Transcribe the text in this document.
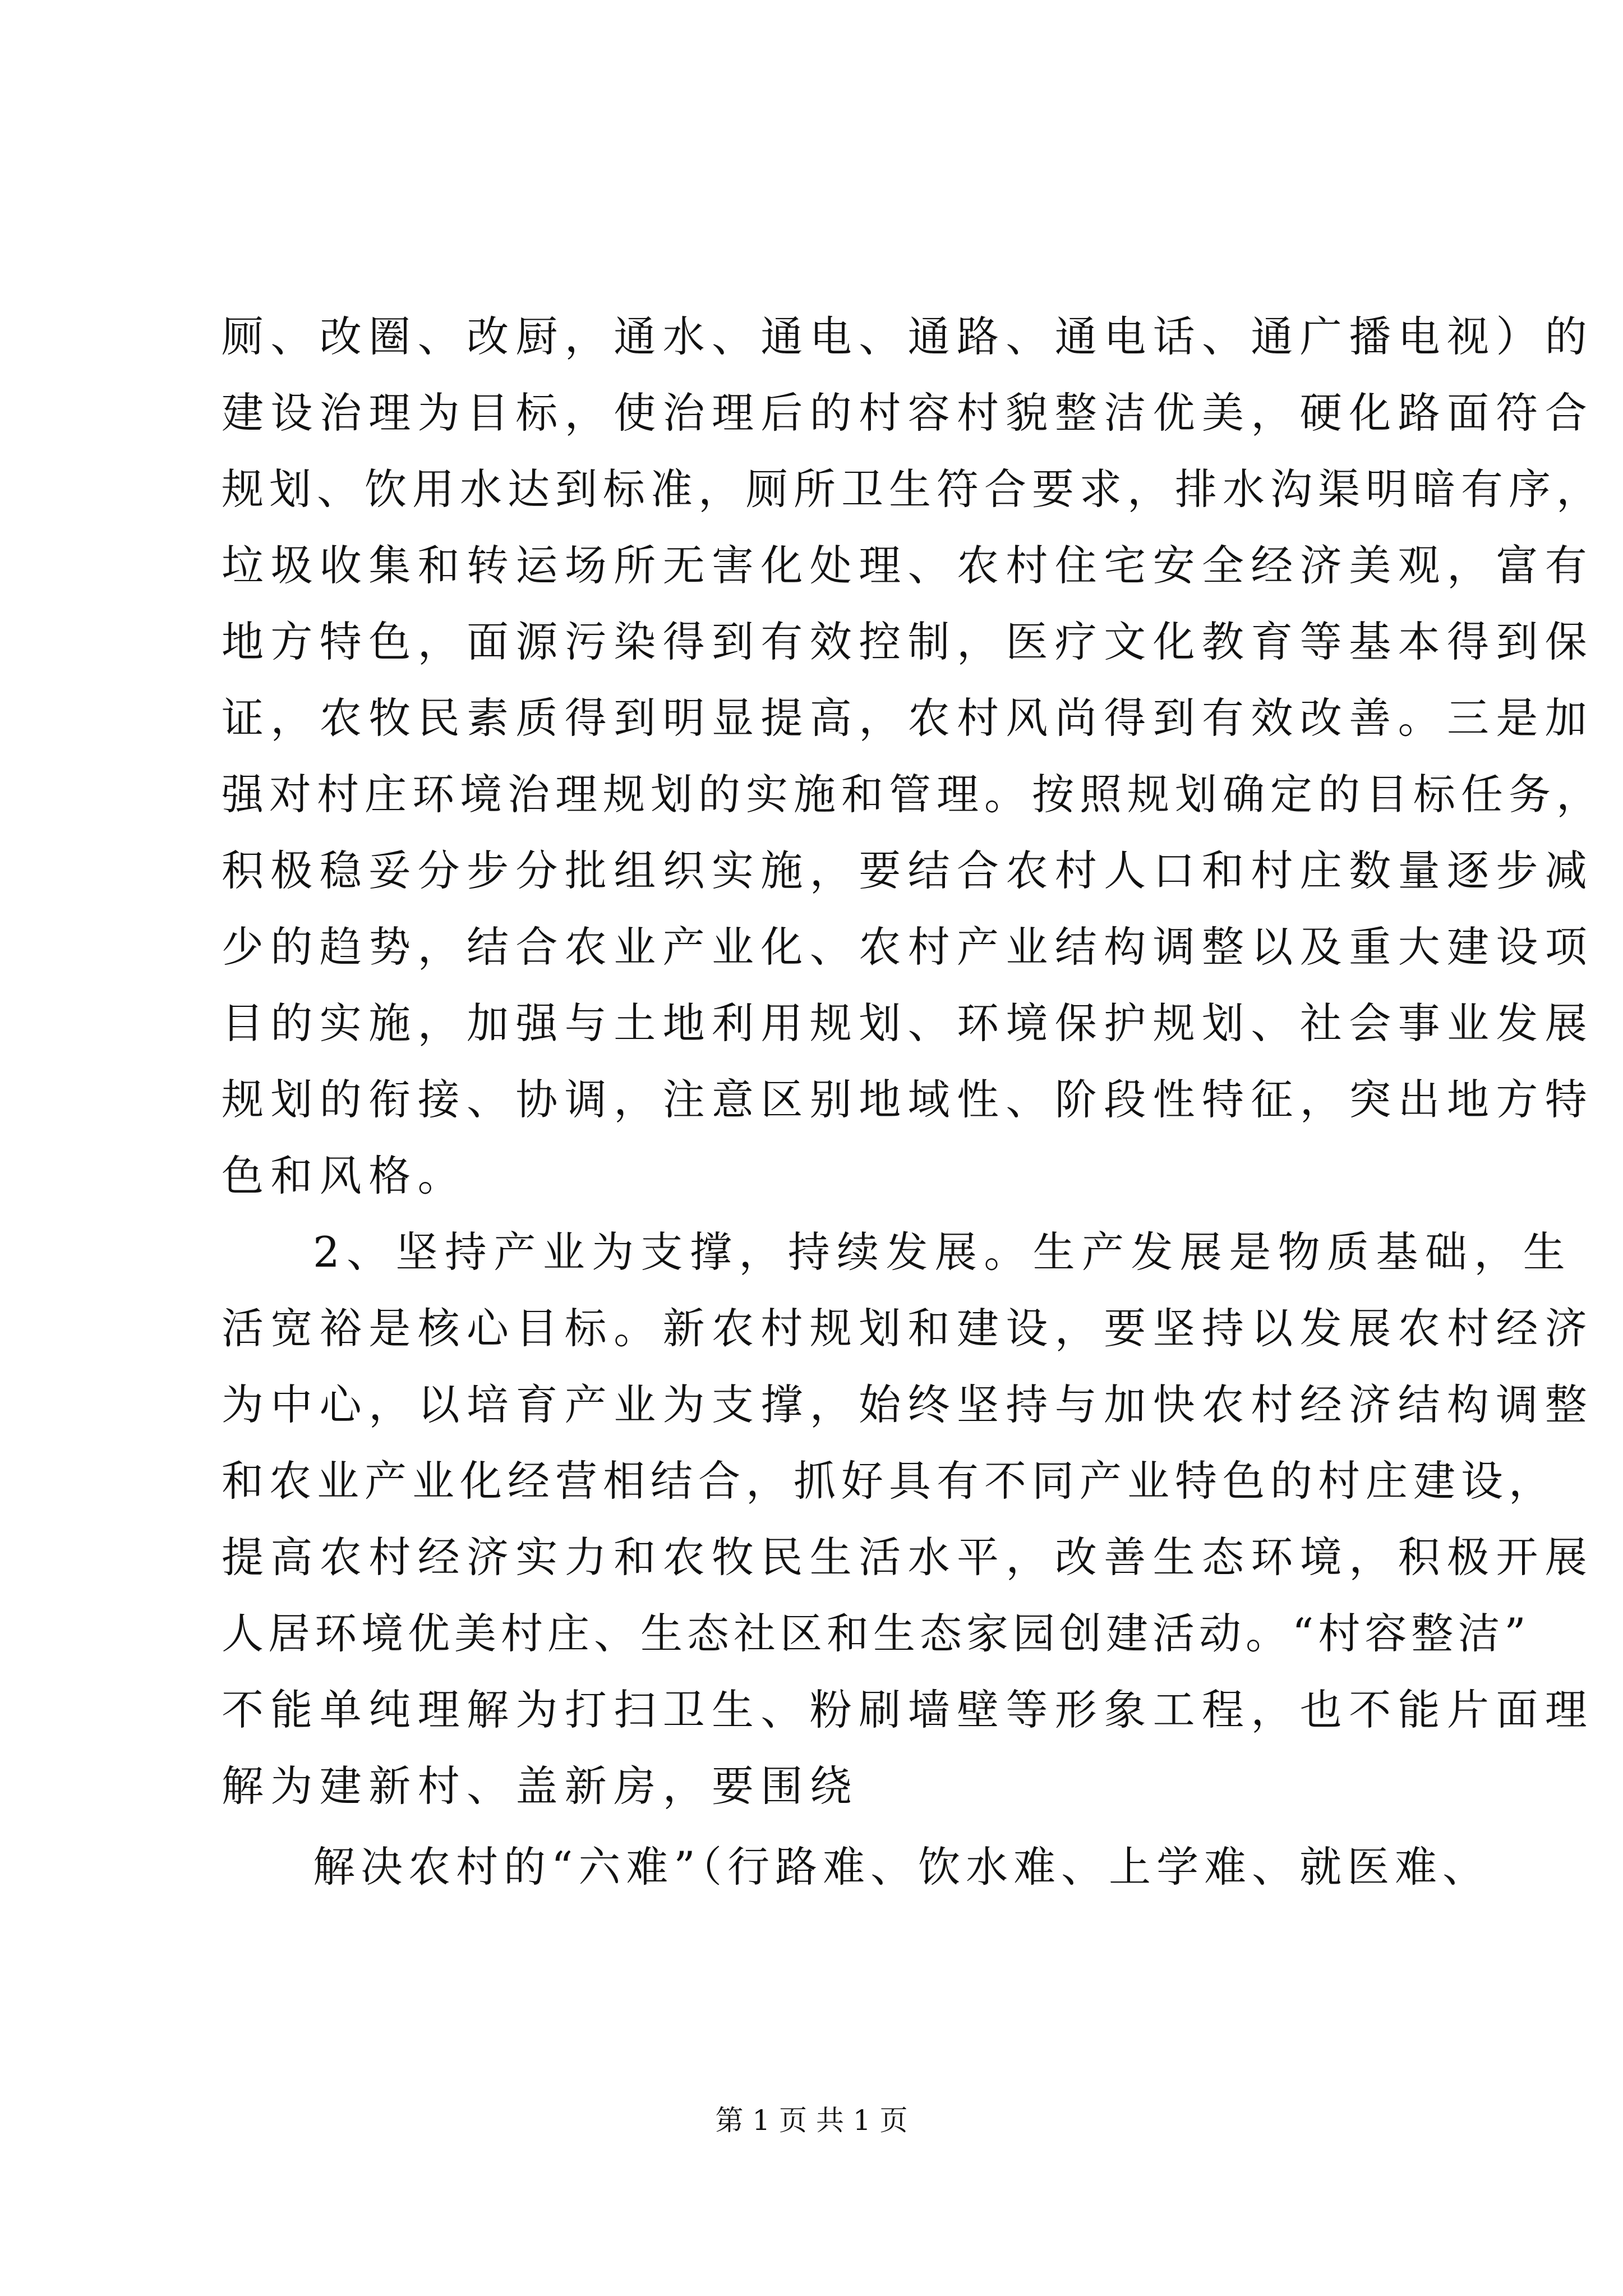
厕、改圈、改厨，通水、通电、通路、通电话、通广播电视）的
建设治理为目标，使治理后的村容村貌整洁优美，硬化路面符合
规划、饮用水达到标准，厕所卫生符合要求，排水沟渠明暗有序，
垃圾收集和转运场所无害化处理、农村住宅安全经济美观，富有
地方特色，面源污染得到有效控制，医疗文化教育等基本得到保
证，农牧民素质得到明显提高，农村风尚得到有效改善。三是加
强对村庄环境治理规划的实施和管理。按照规划确定的目标任务，
积极稳妥分步分批组织实施，要结合农村人口和村庄数量逐步减
少的趋势，结合农业产业化、农村产业结构调整以及重大建设项
目的实施，加强与土地利用规划、环境保护规划、社会事业发展
规划的衔接、协调，注意区别地域性、阶段性特征，突出地方特
色和风格。
2、坚持产业为支撑，持续发展。生产发展是物质基础，生
活宽裕是核心目标。新农村规划和建设，要坚持以发展农村经济
为中心，以培育产业为支撑，始终坚持与加快农村经济结构调整
和农业产业化经营相结合，抓好具有不同产业特色的村庄建设，
提高农村经济实力和农牧民生活水平，改善生态环境，积极开展
人居环境优美村庄、生态社区和生态家园创建活动。“村容整洁”
不能单纯理解为打扫卫生、粉刷墙壁等形象工程，也不能片面理
解为建新村、盖新房，要围绕
解决农村的“六难”（行路难、饮水难、上学难、就医难、
第 1 页 共 1 页
